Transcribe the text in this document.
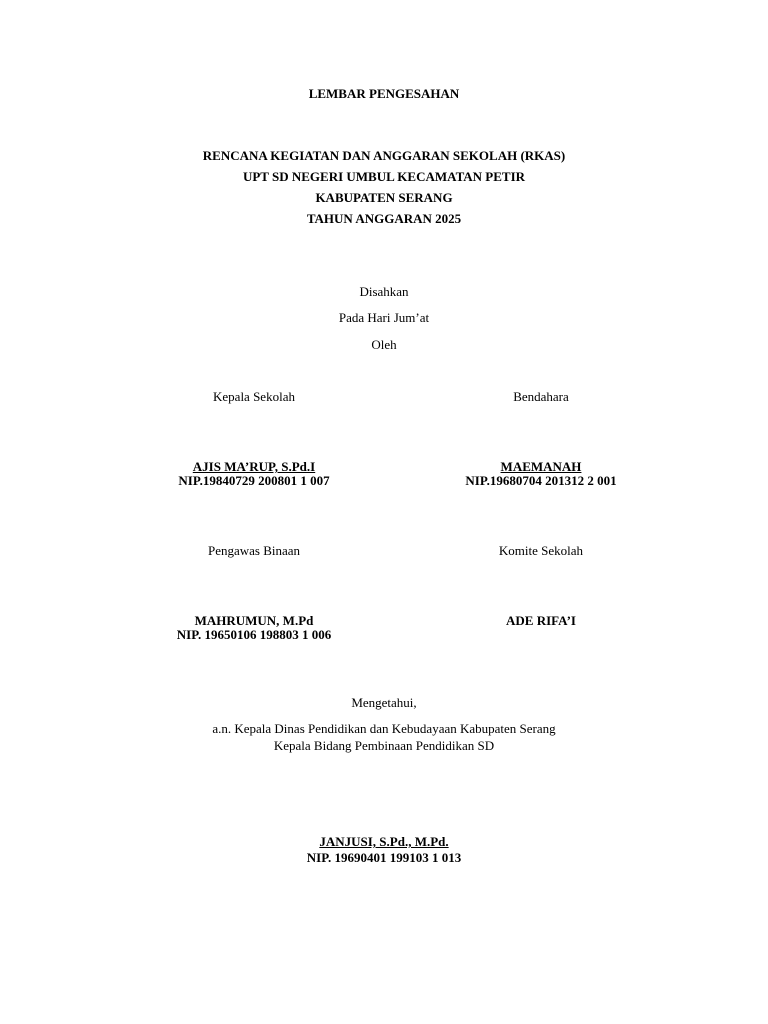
LEMBAR PENGESAHAN
RENCANA KEGIATAN DAN ANGGARAN SEKOLAH (RKAS)
UPT SD NEGERI UMBUL KECAMATAN PETIR
KABUPATEN SERANG
TAHUN ANGGARAN 2025
Disahkan
Pada Hari Jum’at
Oleh
Kepala Sekolah	Bendahara
AJIS MA’RUP, S.Pd.I
NIP.19840729 200801 1 007
MAEMANAH
NIP.19680704 201312 2 001
Pengawas Binaan	Komite Sekolah
MAHRUMUN, M.Pd
NIP. 19650106 198803 1 006
ADE RIFA’I
Mengetahui,
a.n. Kepala Dinas Pendidikan dan Kebudayaan Kabupaten Serang
Kepala Bidang Pembinaan Pendidikan SD
JANJUSI, S.Pd., M.Pd.
NIP. 19690401 199103 1 013
